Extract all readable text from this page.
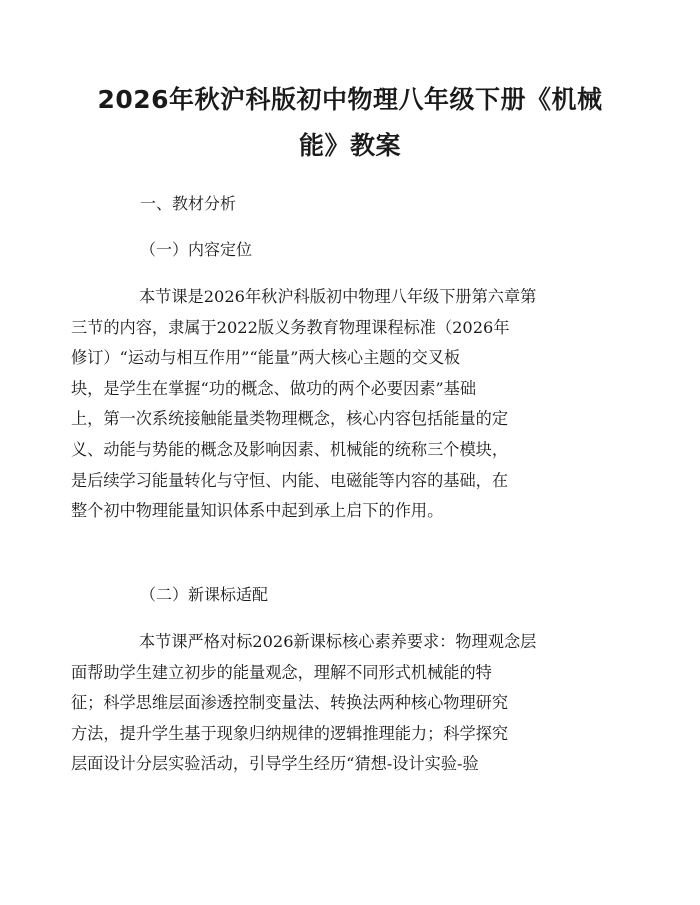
2026年秋沪科版初中物理八年级下册《机械
能》教案
一、教材分析
（一）内容定位
本节课是2026年秋沪科版初中物理八年级下册第六章第
三节的内容，隶属于2022版义务教育物理课程标准（2026年
修订）“运动与相互作用”“能量”两大核心主题的交叉板
块，是学生在掌握“功的概念、做功的两个必要因素”基础
上，第一次系统接触能量类物理概念，核心内容包括能量的定
义、动能与势能的概念及影响因素、机械能的统称三个模块，
是后续学习能量转化与守恒、内能、电磁能等内容的基础，在
整个初中物理能量知识体系中起到承上启下的作用。
（二）新课标适配
本节课严格对标2026新课标核心素养要求：物理观念层
面帮助学生建立初步的能量观念，理解不同形式机械能的特
征；科学思维层面渗透控制变量法、转换法两种核心物理研究
方法，提升学生基于现象归纳规律的逻辑推理能力；科学探究
层面设计分层实验活动，引导学生经历“猜想-设计实验-验
